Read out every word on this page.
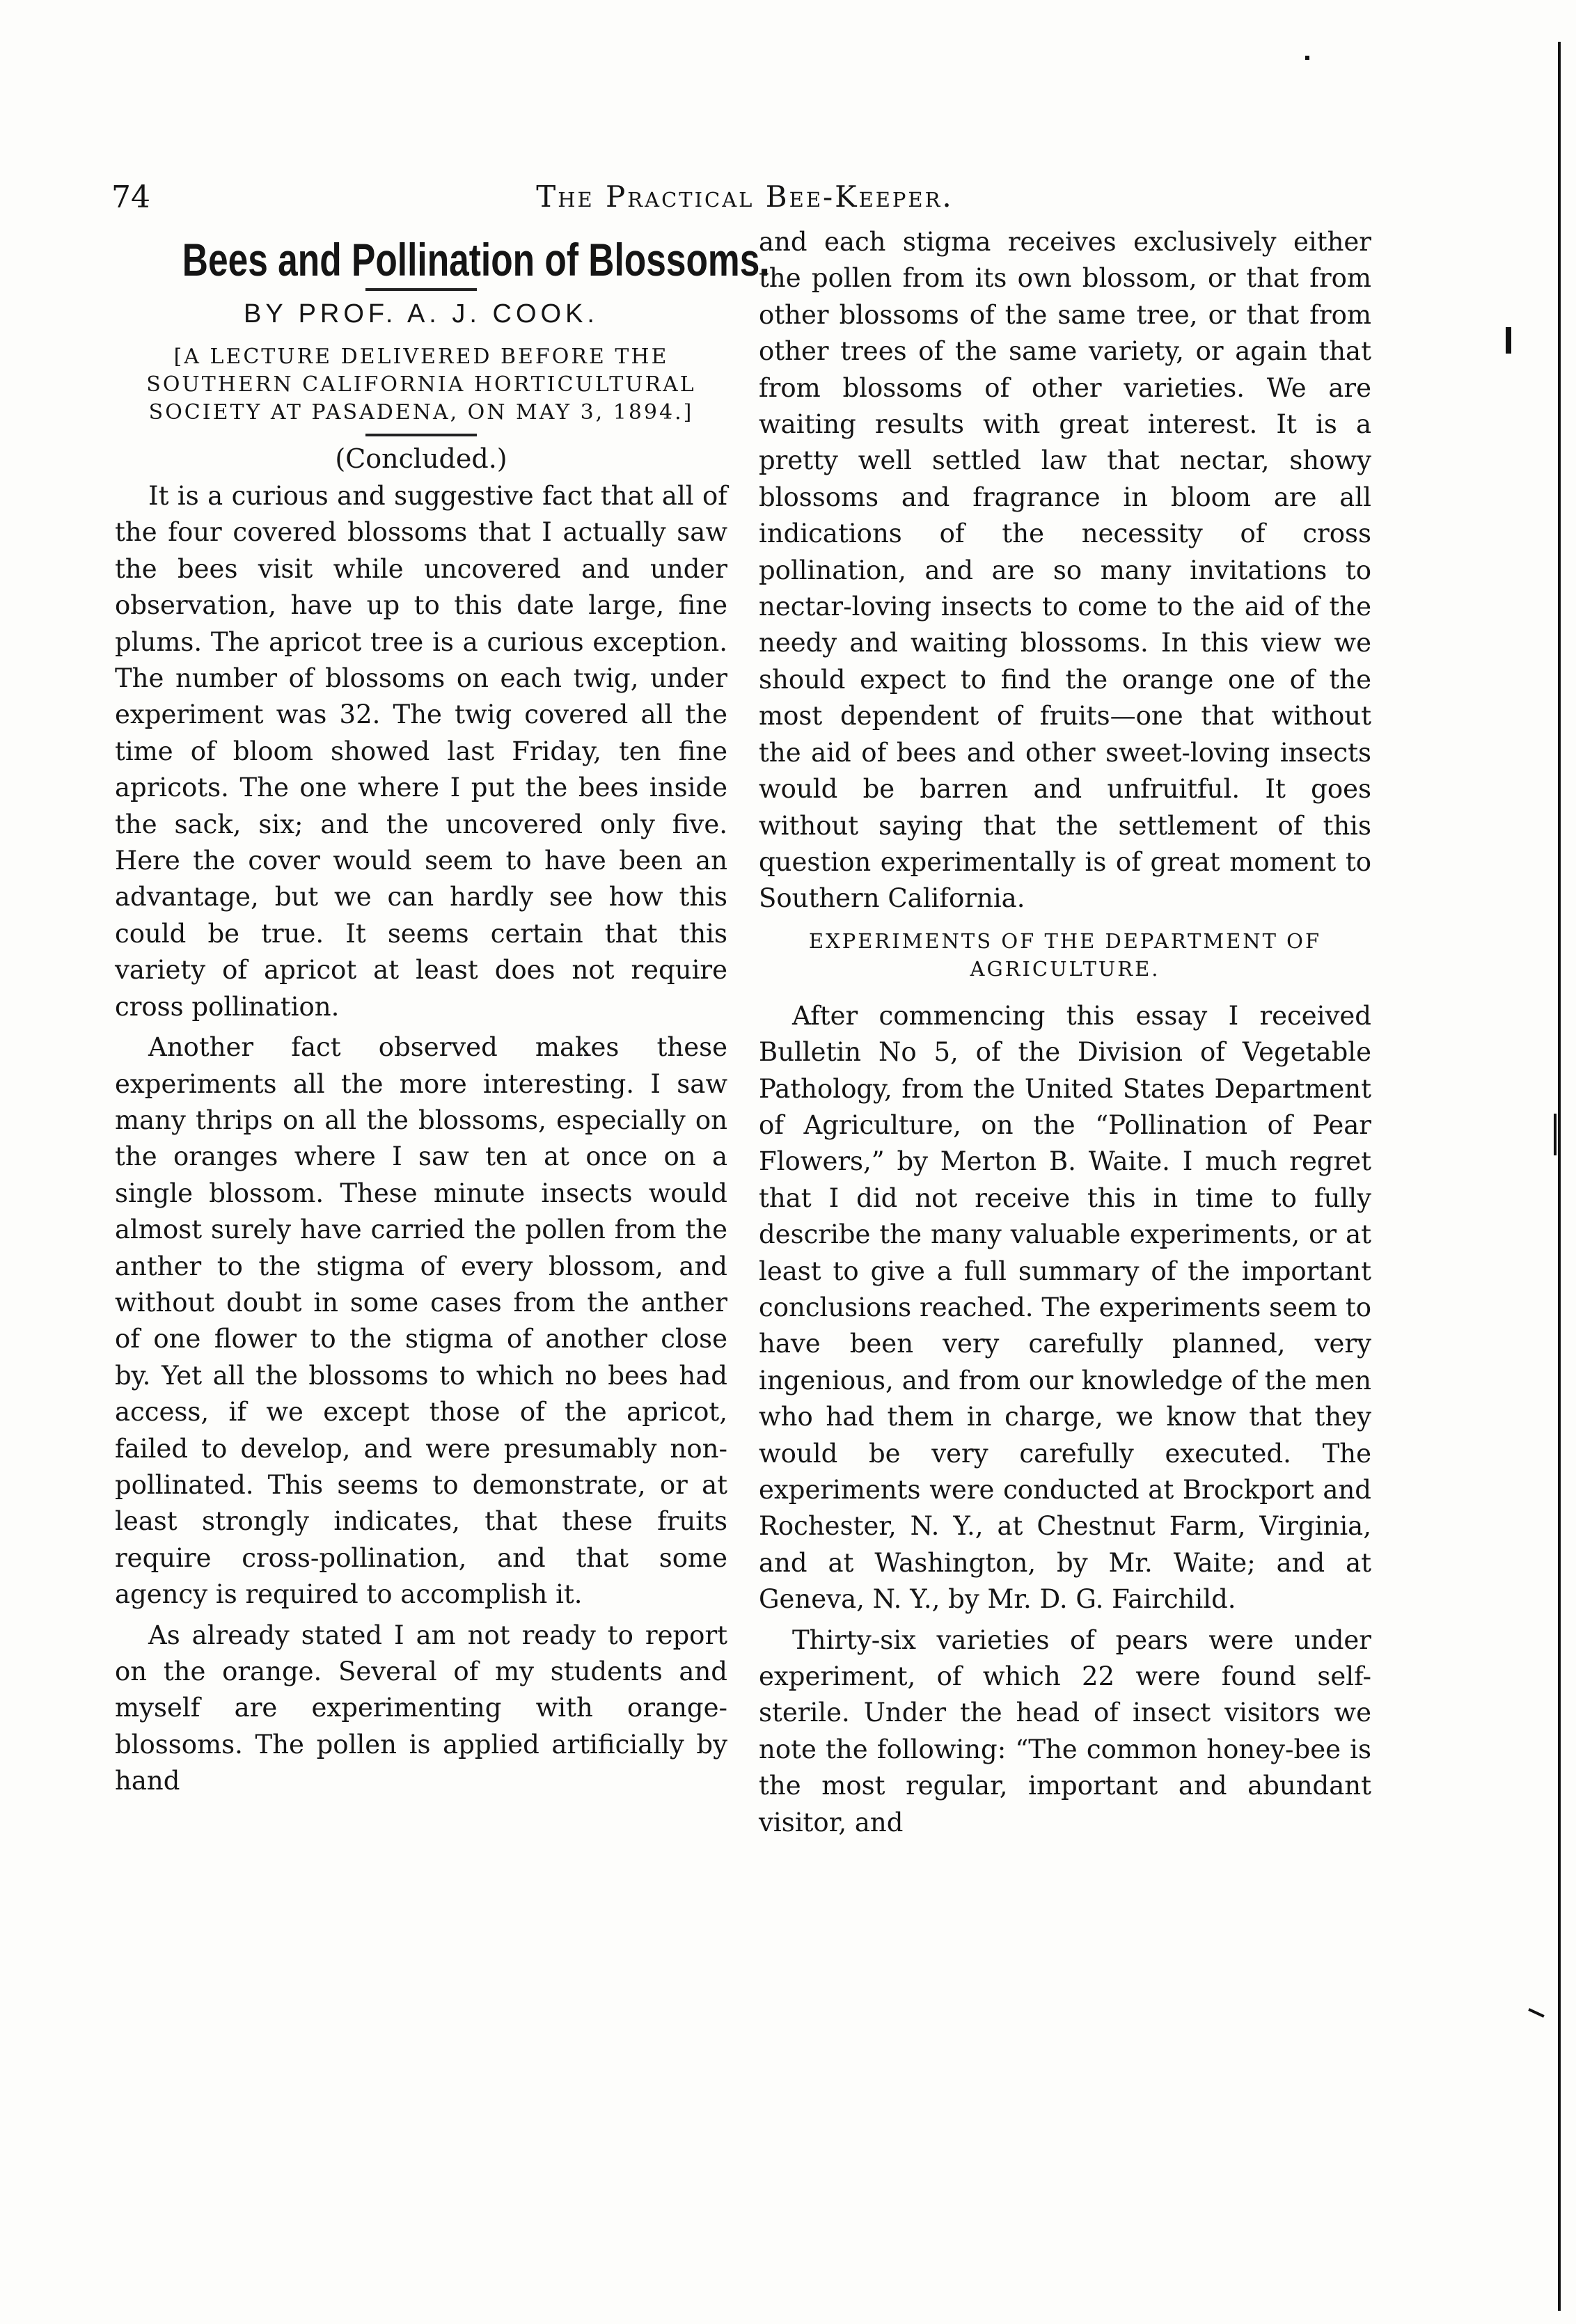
74	The Practical Bee-Keeper.
Bees and Pollination of Blossoms.
BY PROF. A. J. COOK.
[A LECTURE DELIVERED BEFORE THE SOUTHERN CALIFORNIA HORTICULTURAL SOCIETY AT PASADENA, ON MAY 3, 1894.]
(Concluded.)

It is a curious and suggestive fact that all of the four covered blossoms that I actually saw the bees visit while uncovered and under observation, have up to this date large, fine plums. The apricot tree is a curious exception. The number of blossoms on each twig, under experiment was 32. The twig covered all the time of bloom showed last Friday, ten fine apricots. The one where I put the bees inside the sack, six; and the uncovered only five. Here the cover would seem to have been an advantage, but we can hardly see how this could be true. It seems certain that this variety of apricot at least does not require cross pollination.

Another fact observed makes these experiments all the more interesting. I saw many thrips on all the blossoms, especially on the oranges where I saw ten at once on a single blossom. These minute insects would almost surely have carried the pollen from the anther to the stigma of every blossom, and without doubt in some cases from the anther of one flower to the stigma of another close by. Yet all the blossoms to which no bees had access, if we except those of the apricot, failed to develop, and were presumably non-pollinated. This seems to demonstrate, or at least strongly indicates, that these fruits require cross-pollination, and that some agency is required to accomplish it.

As already stated I am not ready to report on the orange. Several of my students and myself are experimenting with orange-blossoms. The pollen is applied artificially by hand

and each stigma receives exclusively either the pollen from its own blossom, or that from other blossoms of the same tree, or that from other trees of the same variety, or again that from blossoms of other varieties. We are waiting results with great interest. It is a pretty well settled law that nectar, showy blossoms and fragrance in bloom are all indications of the necessity of cross pollination, and are so many invitations to nectar-loving insects to come to the aid of the needy and waiting blossoms. In this view we should expect to find the orange one of the most dependent of fruits—one that without the aid of bees and other sweet-loving insects would be barren and unfruitful. It goes without saying that the settlement of this question experimentally is of great moment to Southern California.

EXPERIMENTS OF THE DEPARTMENT OF AGRICULTURE.

After commencing this essay I received Bulletin No 5, of the Division of Vegetable Pathology, from the United States Department of Agriculture, on the “Pollination of Pear Flowers,” by Merton B. Waite. I much regret that I did not receive this in time to fully describe the many valuable experiments, or at least to give a full summary of the important conclusions reached. The experiments seem to have been very carefully planned, very ingenious, and from our knowledge of the men who had them in charge, we know that they would be very carefully executed. The experiments were conducted at Brockport and Rochester, N. Y., at Chestnut Farm, Virginia, and at Washington, by Mr. Waite; and at Geneva, N. Y., by Mr. D. G. Fairchild.

Thirty-six varieties of pears were under experiment, of which 22 were found self-sterile. Under the head of insect visitors we note the following: “The common honey-bee is the most regular, important and abundant visitor, and
